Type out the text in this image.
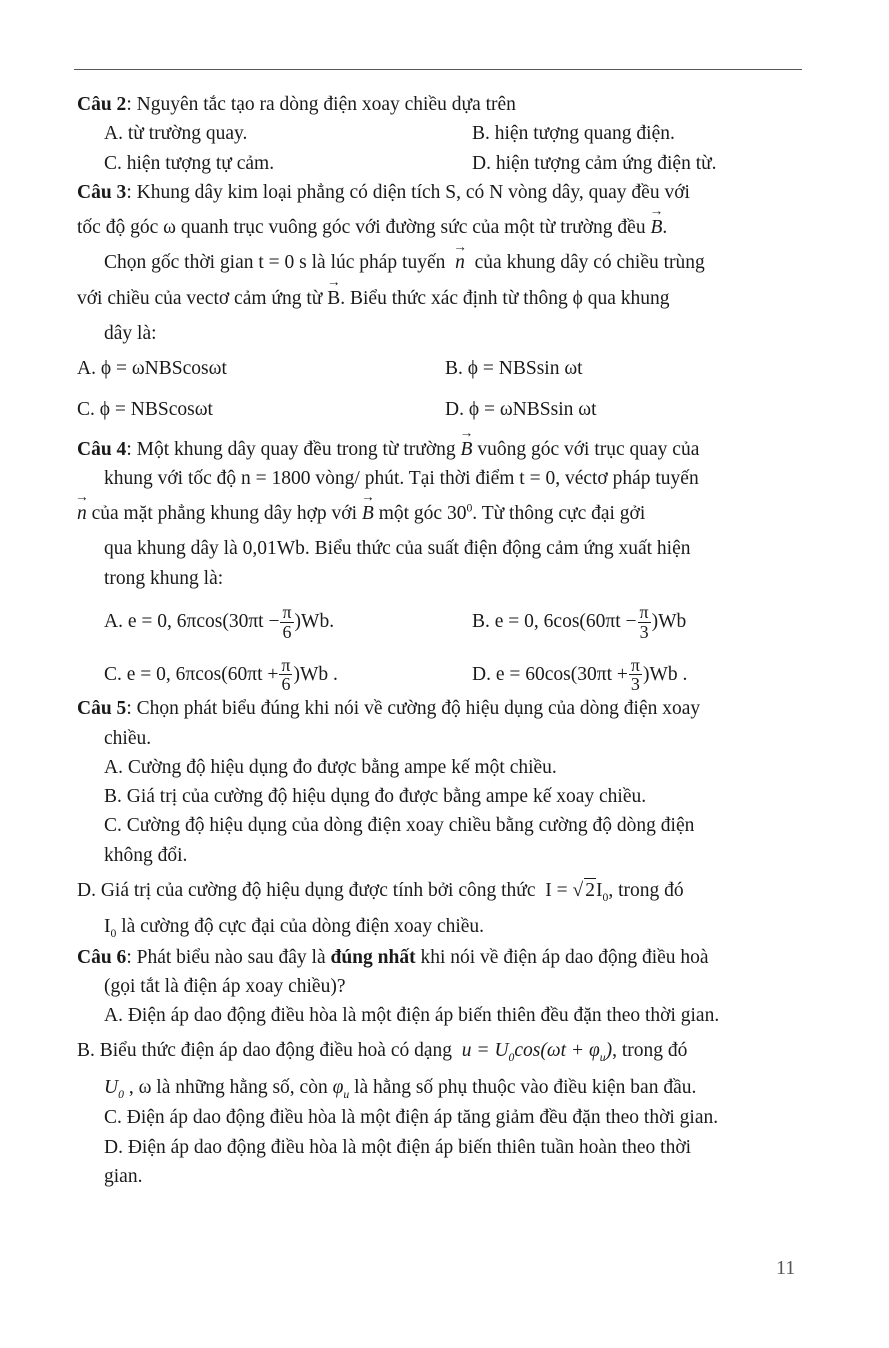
Câu 2: Nguyên tắc tạo ra dòng điện xoay chiều dựa trên
A. từ trường quay.	B. hiện tượng quang điện.
C. hiện tượng tự cảm.	D. hiện tượng cảm ứng điện từ.
Câu 3: Khung dây kim loại phẳng có diện tích S, có N vòng dây, quay đều với
tốc độ góc ω quanh trục vuông góc với đường sức của một từ trường đều → B.
Chọn gốc thời gian t = 0 s là lúc pháp tuyến → n của khung dây có chiều trùng
với chiều của vectơ cảm ứng từ → B. Biểu thức xác định từ thông ϕ qua khung
dây là:
A. ϕ = ωNBScosωt	B. ϕ = NBSsin ωt
C. ϕ = NBScosωt	D. ϕ = ωNBSsin ωt
Câu 4: Một khung dây quay đều trong từ trường → B vuông góc với trục quay của
khung với tốc độ n = 1800 vòng/ phút. Tại thời điểm t = 0, véctơ pháp tuyến
→ n của mặt phẳng khung dây hợp với → B một góc $30^0$. Từ thông cực đại gởi
qua khung dây là 0,01Wb. Biểu thức của suất điện động cảm ứng xuất hiện
trong khung là:
A. e = 0, $6\pi\cos(30\pi t - \frac{\pi}{6} )Wb$.	B. e = 0, $6\cos(60\pi t - \frac{\pi}{3} )Wb$
C. e = 0, $6\pi\cos(60\pi t + \frac{\pi}{6} )Wb$ .	D. $e = 60\cos(30\pi t + \frac{\pi}{3} )Wb$ .
Câu 5: Chọn phát biểu đúng khi nói về cường độ hiệu dụng của dòng điện xoay
chiều.
A. Cường độ hiệu dụng đo được bằng ampe kế một chiều.
B. Giá trị của cường độ hiệu dụng đo được bằng ampe kế xoay chiều.
C. Cường độ hiệu dụng của dòng điện xoay chiều bằng cường độ dòng điện
không đổi.
D. Giá trị của cường độ hiệu dụng được tính bởi công thức I = √ $2I_0$, trong đó
$I_0$ là cường độ cực đại của dòng điện xoay chiều.
Câu 6: Phát biểu nào sau đây là đúng nhất khi nói về điện áp dao động điều hoà
(gọi tắt là điện áp xoay chiều)?
A. Điện áp dao động điều hòa là một điện áp biến thiên đều đặn theo thời gian.
B. Biểu thức điện áp dao động điều hoà có dạng $u = U_0\cos(\omega t + \varphi_u)$, trong đó
$U_0$ , ω là những hằng số, còn $\varphi_u$ là hằng số phụ thuộc vào điều kiện ban đầu.
C. Điện áp dao động điều hòa là một điện áp tăng giảm đều đặn theo thời gian.
D. Điện áp dao động điều hòa là một điện áp biến thiên tuần hoàn theo thời
gian.
11
